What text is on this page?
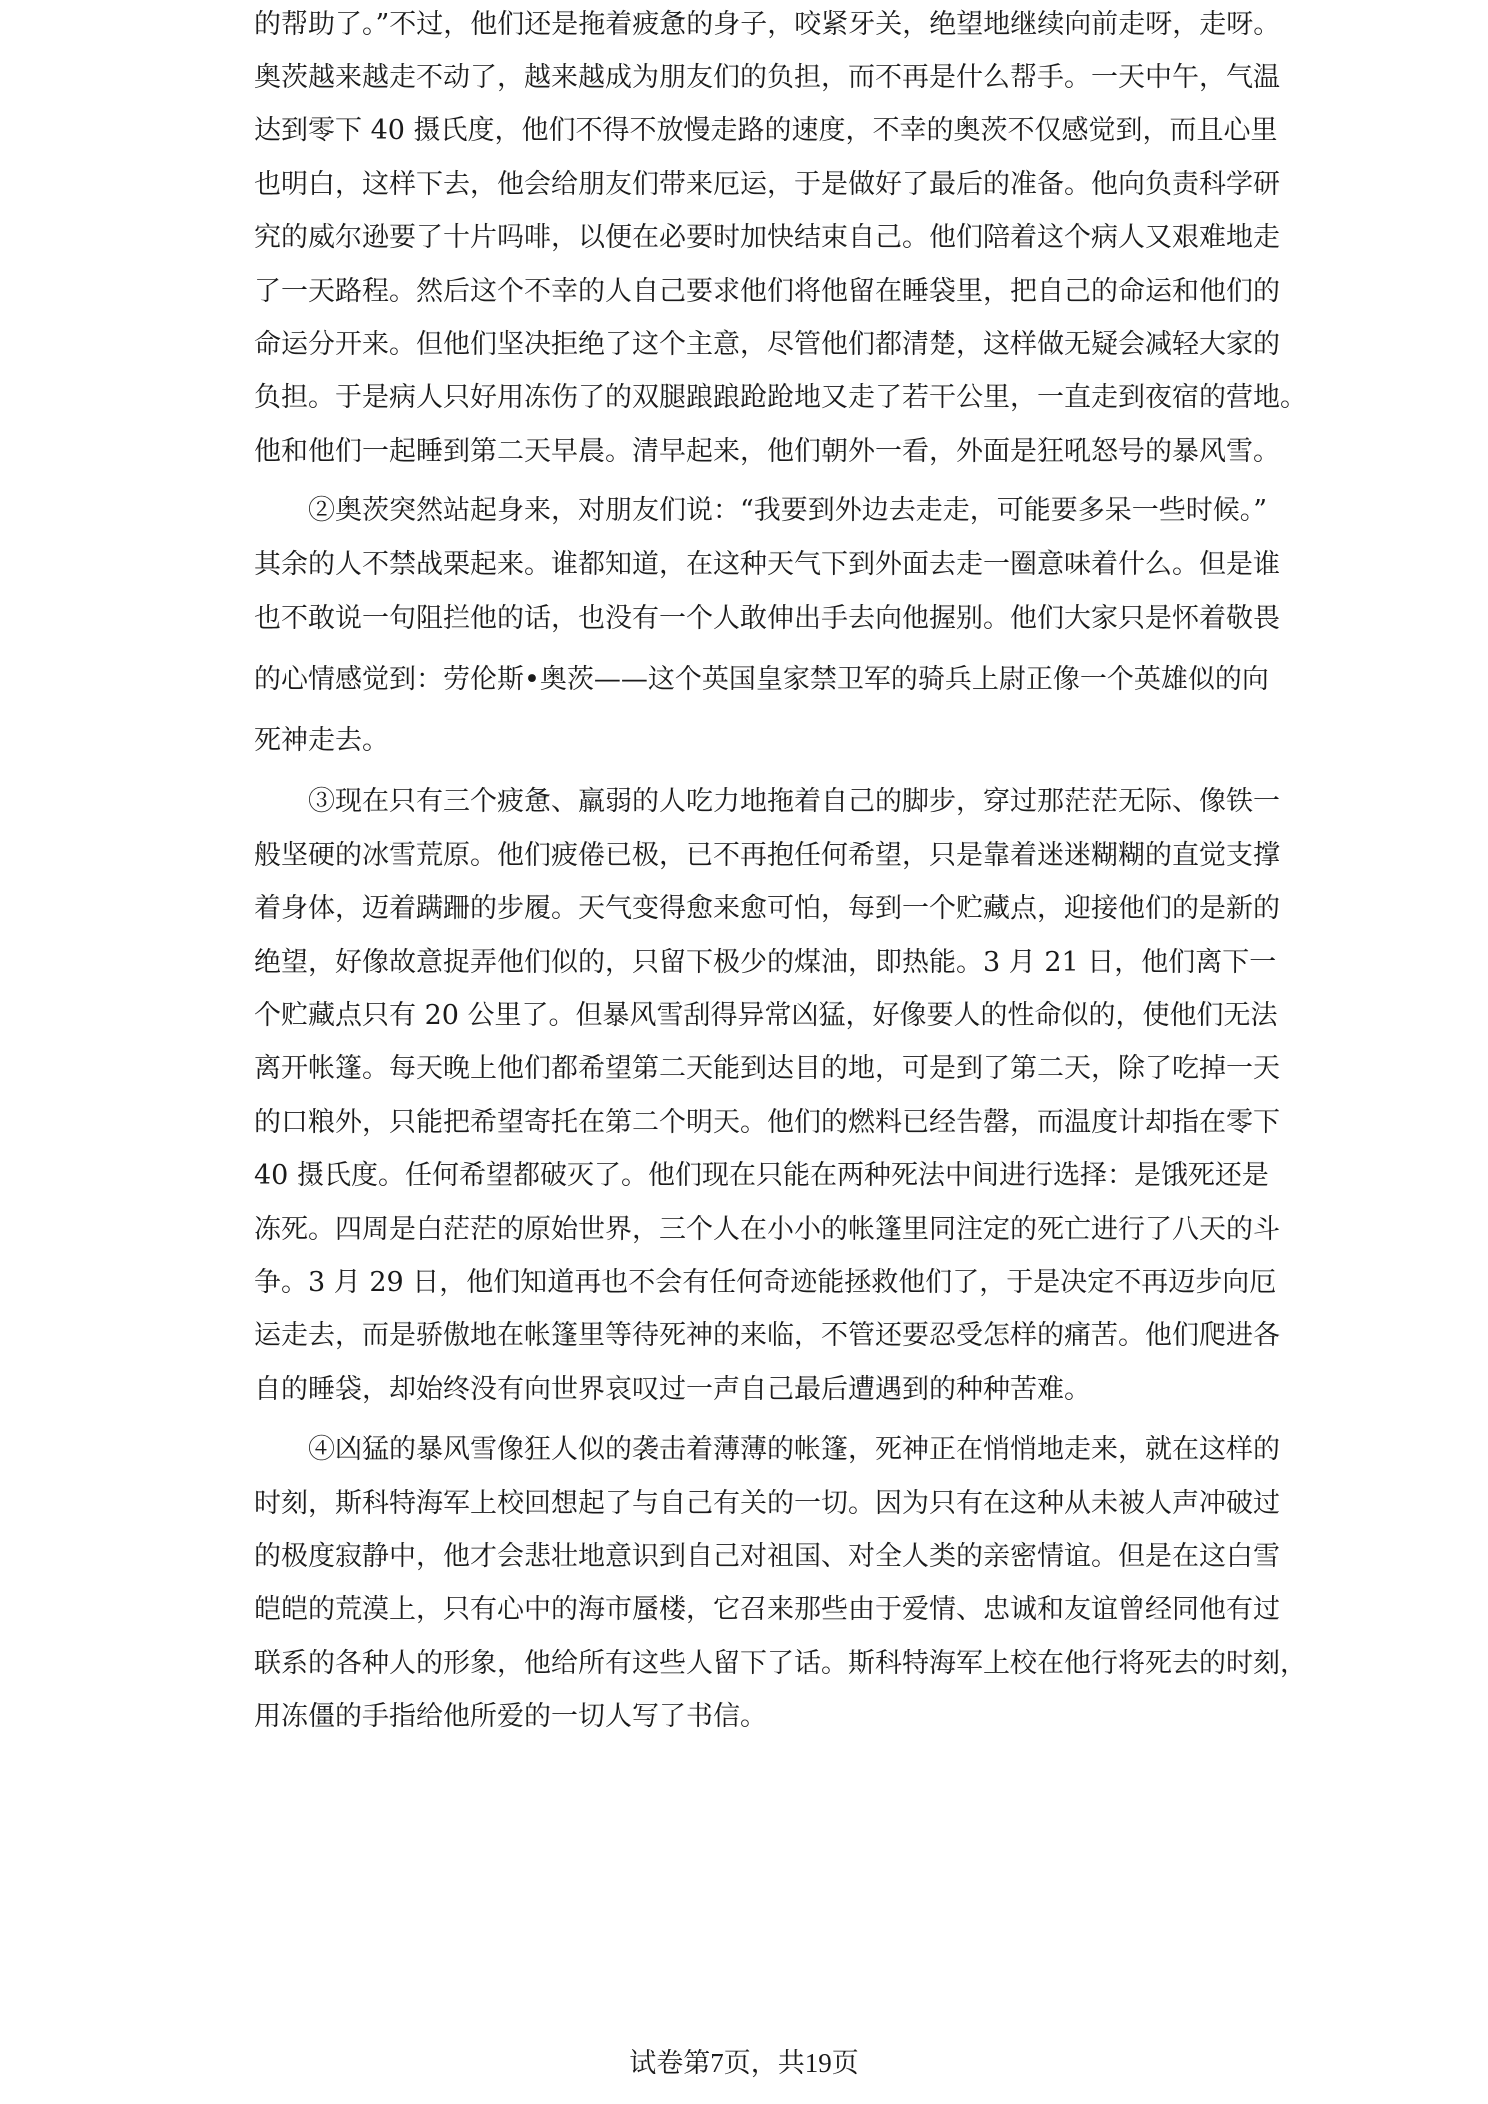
的帮助了。”不过，他们还是拖着疲惫的身子，咬紧牙关，绝望地继续向前走呀，走呀。
奥茨越来越走不动了，越来越成为朋友们的负担，而不再是什么帮手。一天中午，气温
达到零下 40 摄氏度，他们不得不放慢走路的速度，不幸的奥茨不仅感觉到，而且心里
也明白，这样下去，他会给朋友们带来厄运，于是做好了最后的准备。他向负责科学研
究的威尔逊要了十片吗啡，以便在必要时加快结束自己。他们陪着这个病人又艰难地走
了一天路程。然后这个不幸的人自己要求他们将他留在睡袋里，把自己的命运和他们的
命运分开来。但他们坚决拒绝了这个主意，尽管他们都清楚，这样做无疑会减轻大家的
负担。于是病人只好用冻伤了的双腿踉踉跄跄地又走了若干公里，一直走到夜宿的营地。
他和他们一起睡到第二天早晨。清早起来，他们朝外一看，外面是狂吼怒号的暴风雪。
②奥茨突然站起身来，对朋友们说：“我要到外边去走走，可能要多呆一些时候。”
其余的人不禁战栗起来。谁都知道，在这种天气下到外面去走一圈意味着什么。但是谁
也不敢说一句阻拦他的话，也没有一个人敢伸出手去向他握别。他们大家只是怀着敬畏
的心情感觉到：劳伦斯•奥茨——这个英国皇家禁卫军的骑兵上尉正像一个英雄似的向
死神走去。
③现在只有三个疲惫、羸弱的人吃力地拖着自己的脚步，穿过那茫茫无际、像铁一
般坚硬的冰雪荒原。他们疲倦已极，已不再抱任何希望，只是靠着迷迷糊糊的直觉支撑
着身体，迈着蹒跚的步履。天气变得愈来愈可怕，每到一个贮藏点，迎接他们的是新的
绝望，好像故意捉弄他们似的，只留下极少的煤油，即热能。3 月 21 日，他们离下一
个贮藏点只有 20 公里了。但暴风雪刮得异常凶猛，好像要人的性命似的，使他们无法
离开帐篷。每天晚上他们都希望第二天能到达目的地，可是到了第二天，除了吃掉一天
的口粮外，只能把希望寄托在第二个明天。他们的燃料已经告罄，而温度计却指在零下
40 摄氏度。任何希望都破灭了。他们现在只能在两种死法中间进行选择：是饿死还是
冻死。四周是白茫茫的原始世界，三个人在小小的帐篷里同注定的死亡进行了八天的斗
争。3 月 29 日，他们知道再也不会有任何奇迹能拯救他们了，于是决定不再迈步向厄
运走去，而是骄傲地在帐篷里等待死神的来临，不管还要忍受怎样的痛苦。他们爬进各
自的睡袋，却始终没有向世界哀叹过一声自己最后遭遇到的种种苦难。
④凶猛的暴风雪像狂人似的袭击着薄薄的帐篷，死神正在悄悄地走来，就在这样的
时刻，斯科特海军上校回想起了与自己有关的一切。因为只有在这种从未被人声冲破过
的极度寂静中，他才会悲壮地意识到自己对祖国、对全人类的亲密情谊。但是在这白雪
皑皑的荒漠上，只有心中的海市蜃楼，它召来那些由于爱情、忠诚和友谊曾经同他有过
联系的各种人的形象，他给所有这些人留下了话。斯科特海军上校在他行将死去的时刻，
用冻僵的手指给他所爱的一切人写了书信。
试卷第7页，共19页
